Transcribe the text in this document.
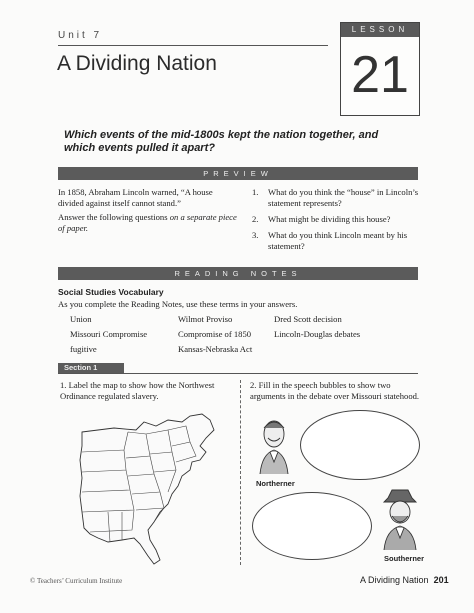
Unit 7
A Dividing Nation
LESSON
21
Which events of the mid-1800s kept the nation together, and which events pulled it apart?
PREVIEW

In 1858, Abraham Lincoln warned, “A house divided against itself cannot stand.”

Answer the following questions on a separate piece of paper.

1. What do you think the “house” in Lincoln’s statement represents?
2. What might be dividing this house?
3. What do you think Lincoln meant by his statement?
READING NOTES
Social Studies Vocabulary
As you complete the Reading Notes, use these terms in your answers.
Union	Wilmot Proviso	Dred Scott decision
Missouri Compromise	Compromise of 1850	Lincoln-Douglas debates
fugitive	Kansas-Nebraska Act
Section 1
1. Label the map to show how the Northwest Ordinance regulated slavery.
2. Fill in the speech bubbles to show two arguments in the debate over Missouri statehood.
Northerner
Southerner
© Teachers’ Curriculum Institute	A Dividing Nation 201
